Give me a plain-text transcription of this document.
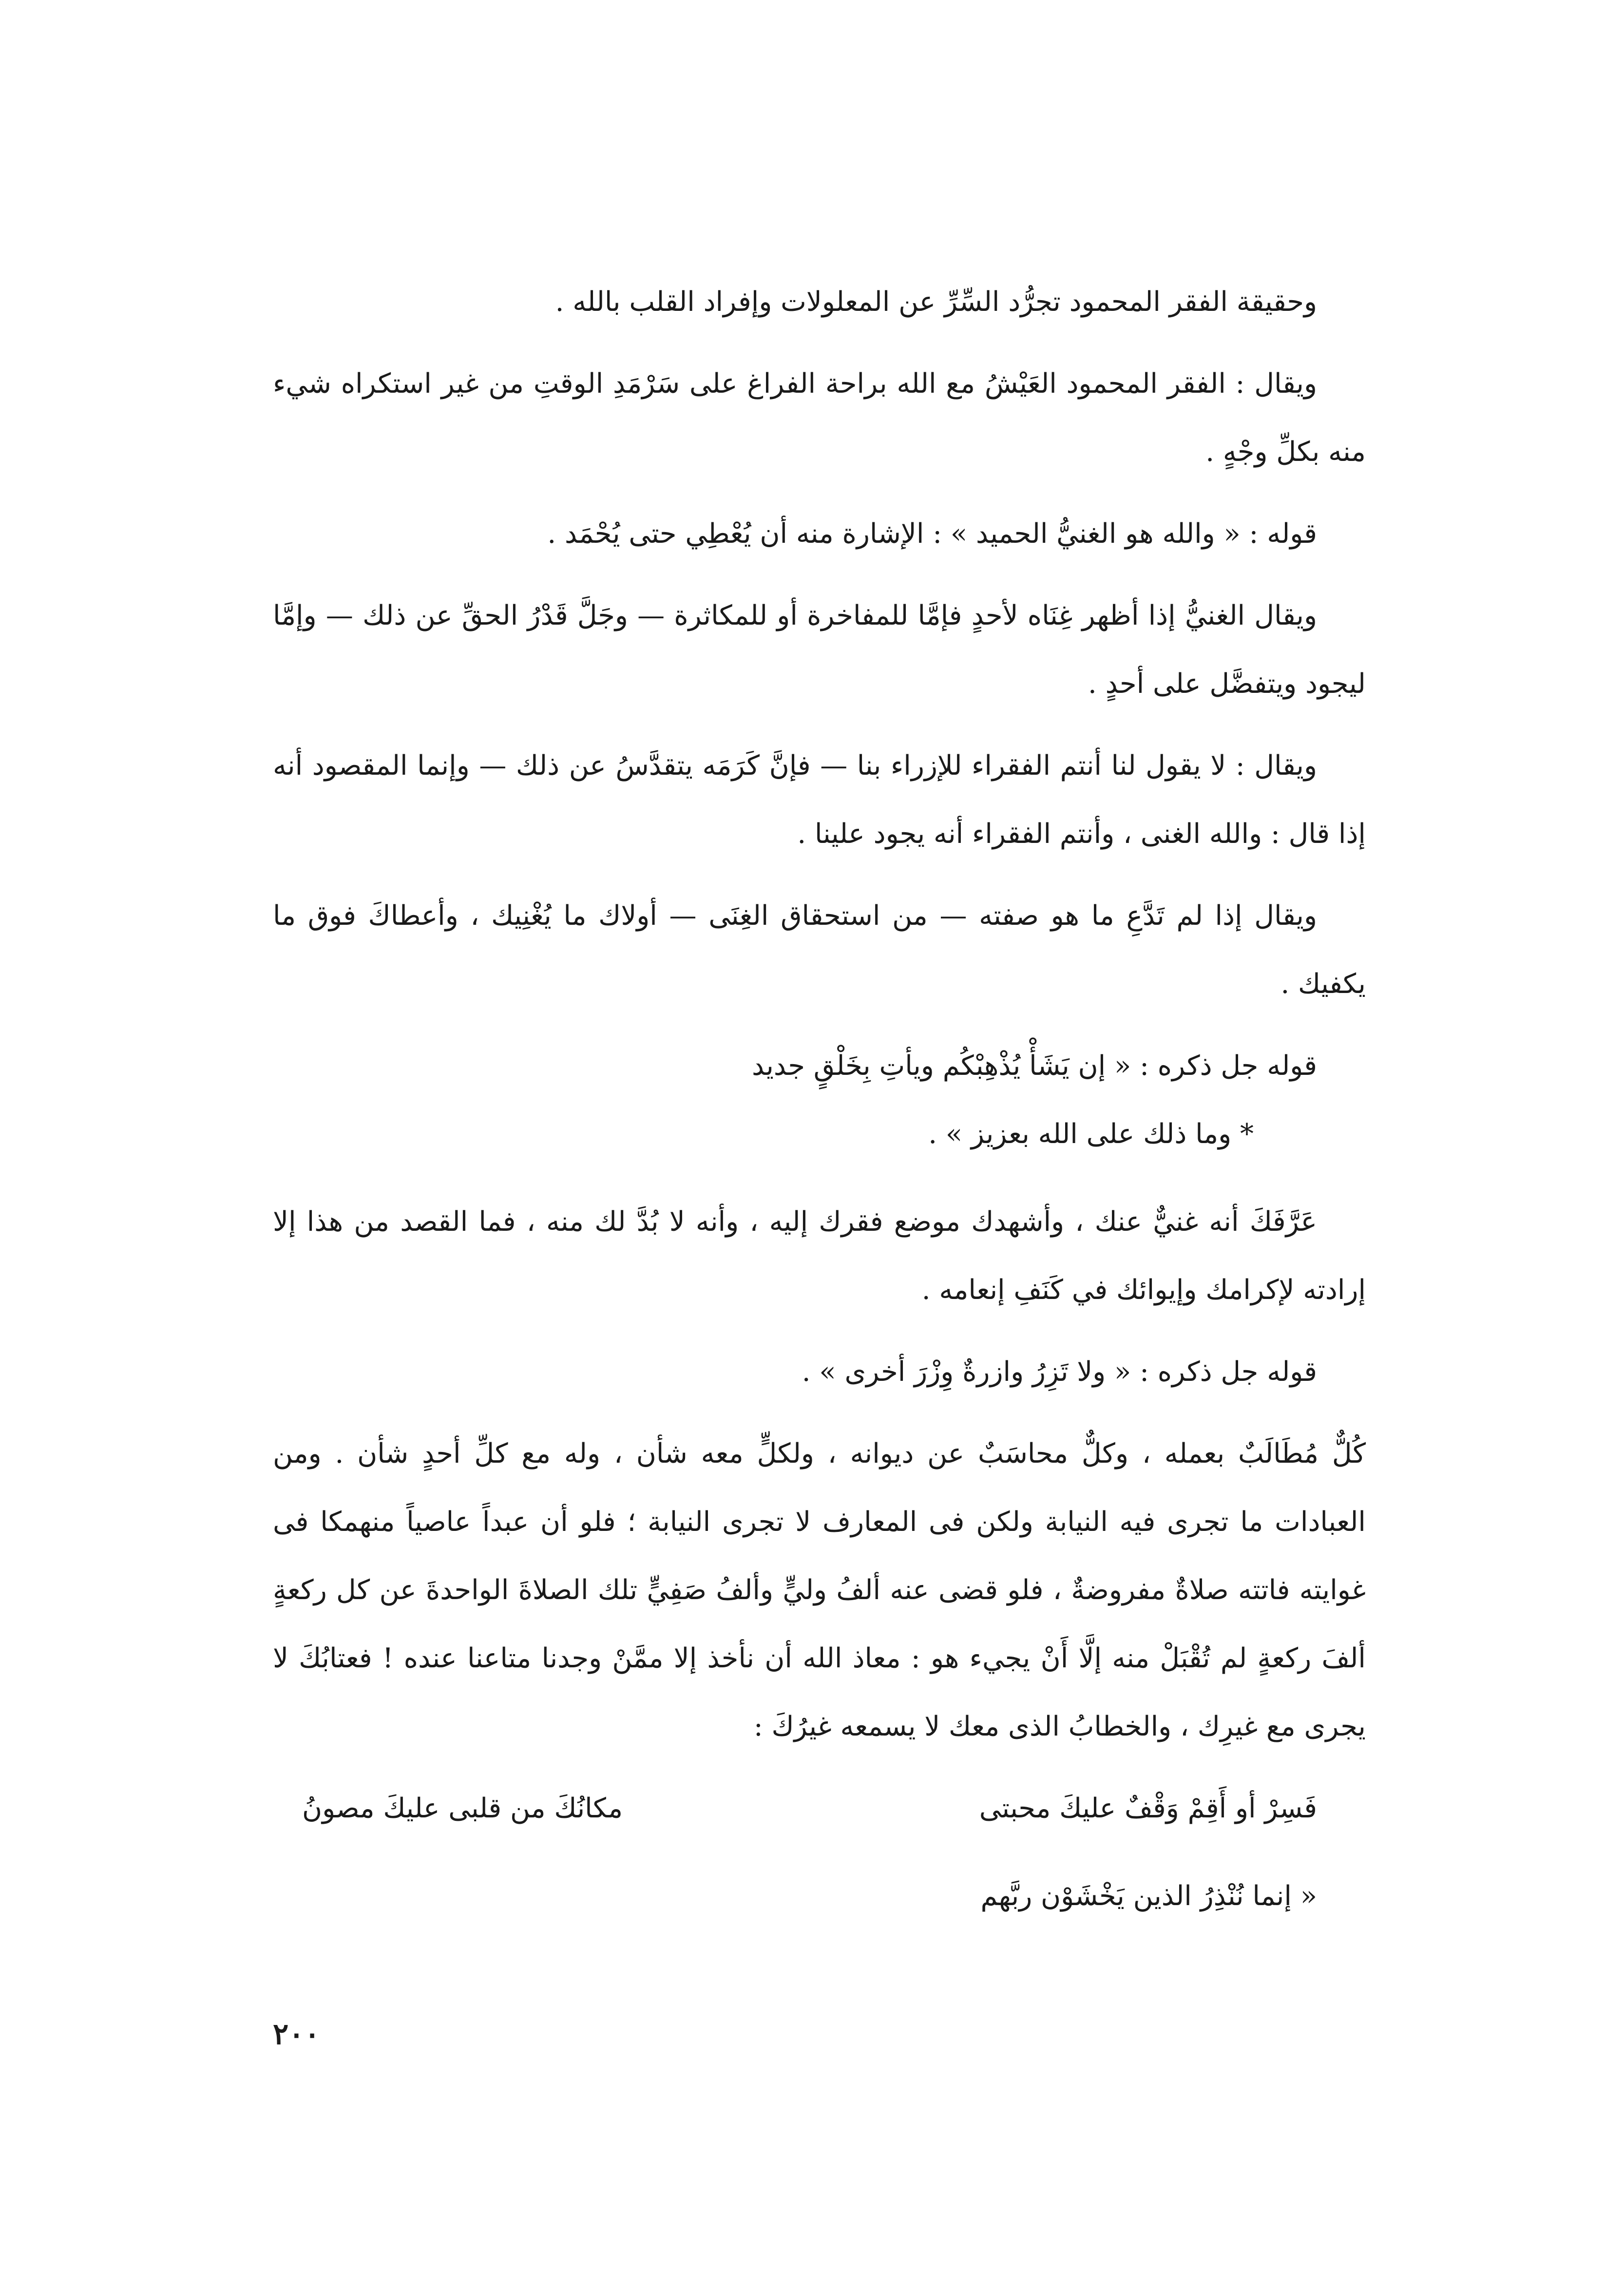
وحقيقة الفقر المحمود تجرُّد السِّرِّ عن المعلولات وإفراد القلب بالله .

ويقال : الفقر المحمود العَيْشُ مع الله براحة الفراغ على سَرْمَدِ الوقتِ من غير استكراه شيء منه بكلِّ وجْهٍ .

قوله : « والله هو الغنيُّ الحميد » : الإشارة منه أن يُعْطِي حتى يُحْمَد .

ويقال الغنيُّ إذا أظهر غِنَاه لأحدٍ فإمَّا للمفاخرة أو للمكاثرة — وجَلَّ قَدْرُ الحقِّ عن ذلك — وإمَّا ليجود ويتفضَّل على أحدٍ .

ويقال : لا يقول لنا أنتم الفقراء للإزراء بنا — فإنَّ كَرَمَه يتقدَّسُ عن ذلك — وإنما المقصود أنه إذا قال : والله الغنى ، وأنتم الفقراء أنه يجود علينا .

ويقال إذا لم تَدَّعِ ما هو صفته — من استحقاق الغِنَى — أولاك ما يُغْنِيك ، وأعطاكَ فوق ما يكفيك .

قوله جل ذكره : « إن يَشَأْ يُذْهِبْكُم ويأتِ بِخَلْقٍ جديد

* وما ذلك على الله بعزيز » .

عَرَّفَكَ أنه غنيٌّ عنك ، وأشهدك موضع فقرك إليه ، وأنه لا بُدَّ لك منه ، فما القصد من هذا إلا إرادته لإكرامك وإيوائك في كَنَفِ إنعامه .

قوله جل ذكره : « ولا تَزِرُ وازرةٌ وِزْرَ أخرى » .

كُلٌّ مُطَالَبٌ بعمله ، وكلٌّ محاسَبٌ عن ديوانه ، ولكلٍّ معه شأن ، وله مع كلِّ أحدٍ شأن . ومن العبادات ما تجرى فيه النيابة ولكن فى المعارف لا تجرى النيابة ؛ فلو أن عبداً عاصياً منهمكا فى غوايته فاتته صلاةٌ مفروضةٌ ، فلو قضى عنه ألفُ وليٍّ وألفُ صَفِيٍّ تلك الصلاةَ الواحدةَ عن كل ركعةٍ ألفَ ركعةٍ لم تُقْبَلْ منه إلَّا أَنْ يجيء هو : معاذ الله أن نأخذ إلا ممَّنْ وجدنا متاعنا عنده ! فعتابُكَ لا يجرى مع غيرِك ، والخطابُ الذى معك لا يسمعه غيرُكَ :

فَسِرْ أو أَقِمْ وَقْفٌ عليكَ محبتى
مكانُكَ من قلبى عليكَ مصونُ

« إنما نُنْذِرُ الذين يَخْشَوْن ربَّهم

٢٠٠
